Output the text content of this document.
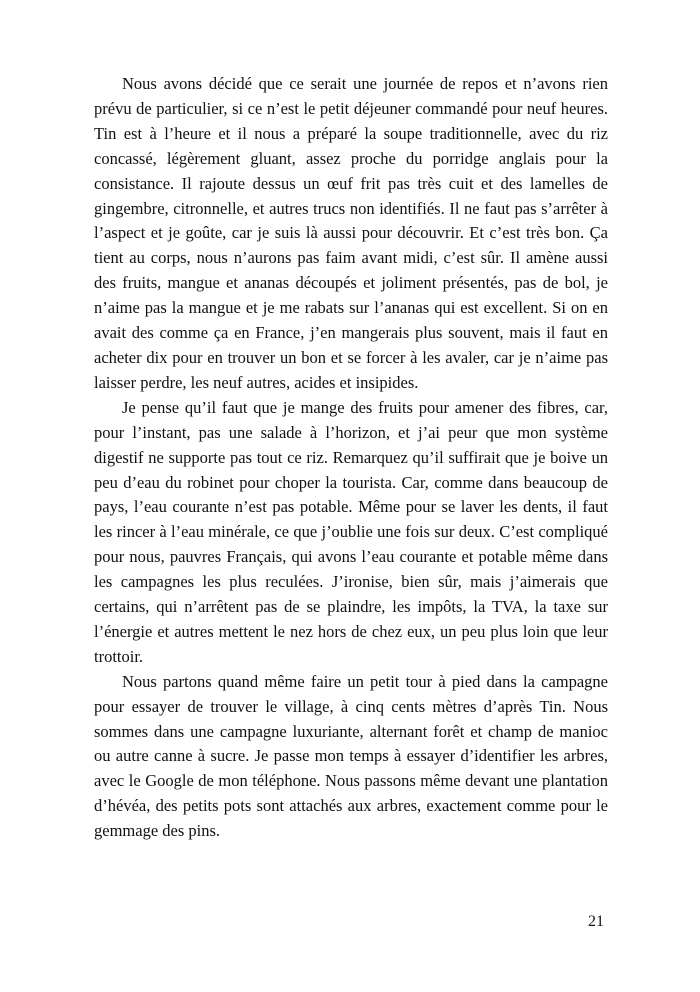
Nous avons décidé que ce serait une journée de repos et n’avons rien prévu de particulier, si ce n’est le petit déjeuner commandé pour neuf heures. Tin est à l’heure et il nous a préparé la soupe traditionnelle, avec du riz concassé, légèrement gluant, assez proche du porridge anglais pour la consistance. Il rajoute dessus un œuf frit pas très cuit et des lamelles de gingembre, citronnelle, et autres trucs non identifiés. Il ne faut pas s’arrêter à l’aspect et je goûte, car je suis là aussi pour découvrir. Et c’est très bon. Ça tient au corps, nous n’aurons pas faim avant midi, c’est sûr. Il amène aussi des fruits, mangue et ananas découpés et joliment présentés, pas de bol, je n’aime pas la mangue et je me rabats sur l’ananas qui est excellent. Si on en avait des comme ça en France, j’en mangerais plus souvent, mais il faut en acheter dix pour en trouver un bon et se forcer à les avaler, car je n’aime pas laisser perdre, les neuf autres, acides et insipides.

Je pense qu’il faut que je mange des fruits pour amener des fibres, car, pour l’instant, pas une salade à l’horizon, et j’ai peur que mon système digestif ne supporte pas tout ce riz. Remarquez qu’il suffirait que je boive un peu d’eau du robinet pour choper la tourista. Car, comme dans beaucoup de pays, l’eau courante n’est pas potable. Même pour se laver les dents, il faut les rincer à l’eau minérale, ce que j’oublie une fois sur deux. C’est compliqué pour nous, pauvres Français, qui avons l’eau courante et potable même dans les campagnes les plus reculées. J’ironise, bien sûr, mais j’aimerais que certains, qui n’arrêtent pas de se plaindre, les impôts, la TVA, la taxe sur l’énergie et autres mettent le nez hors de chez eux, un peu plus loin que leur trottoir.

Nous partons quand même faire un petit tour à pied dans la campagne pour essayer de trouver le village, à cinq cents mètres d’après Tin. Nous sommes dans une campagne luxuriante, alternant forêt et champ de manioc ou autre canne à sucre. Je passe mon temps à essayer d’identifier les arbres, avec le Google de mon téléphone. Nous passons même devant une plantation d’hévéa, des petits pots sont attachés aux arbres, exactement comme pour le gemmage des pins.

21
